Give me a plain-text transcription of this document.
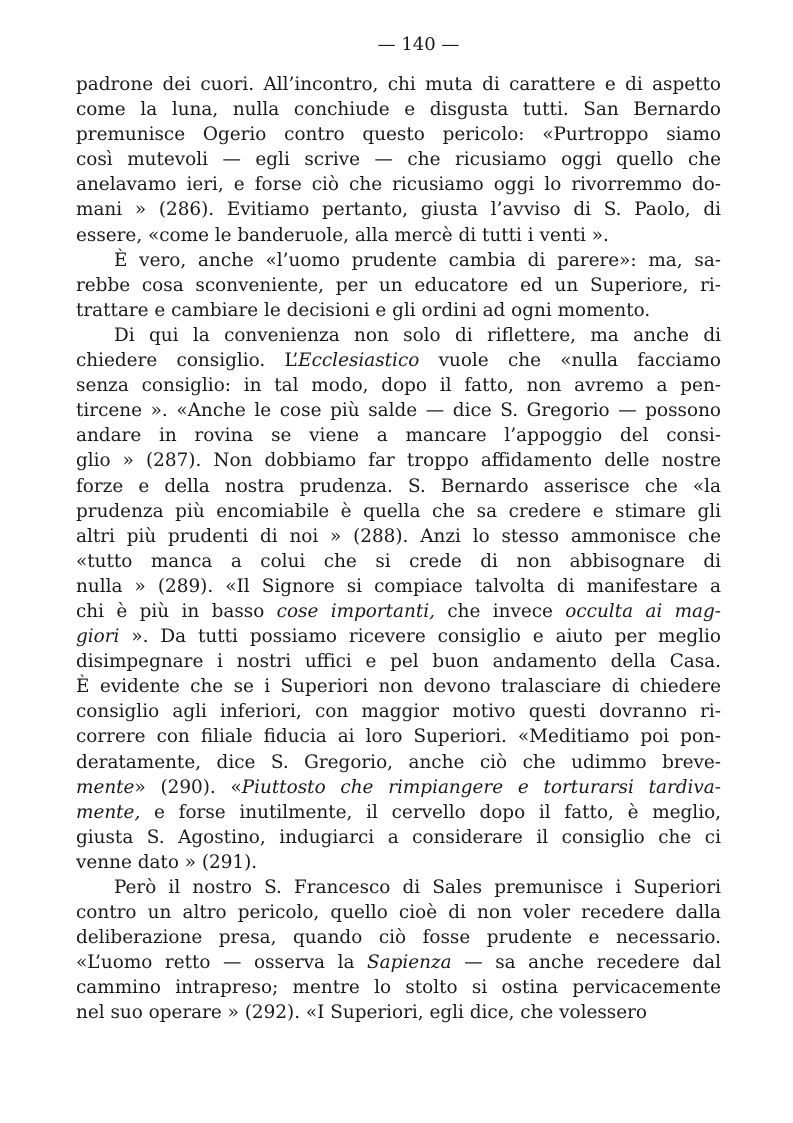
— 140 —
padrone dei cuori. All’incontro, chi muta di carattere e di aspetto
come la luna, nulla conchiude e disgusta tutti. San Bernardo
premunisce Ogerio contro questo pericolo: «Purtroppo siamo
così mutevoli — egli scrive — che ricusiamo oggi quello che
anelavamo ieri, e forse ciò che ricusiamo oggi lo rivorremmo do-
mani » (286). Evitiamo pertanto, giusta l’avviso di S. Paolo, di
essere, «come le banderuole, alla mercè di tutti i venti ».
È vero, anche «l’uomo prudente cambia di parere»: ma, sa-
rebbe cosa sconveniente, per un educatore ed un Superiore, ri-
trattare e cambiare le decisioni e gli ordini ad ogni momento.
Di qui la convenienza non solo di riflettere, ma anche di
chiedere consiglio. L’Ecclesiastico vuole che «nulla facciamo
senza consiglio: in tal modo, dopo il fatto, non avremo a pen-
tircene ». «Anche le cose più salde — dice S. Gregorio — possono
andare in rovina se viene a mancare l’appoggio del consi-
glio » (287). Non dobbiamo far troppo affidamento delle nostre
forze e della nostra prudenza. S. Bernardo asserisce che «la
prudenza più encomiabile è quella che sa credere e stimare gli
altri più prudenti di noi » (288). Anzi lo stesso ammonisce che
«tutto manca a colui che si crede di non abbisognare di
nulla » (289). «Il Signore si compiace talvolta di manifestare a
chi è più in basso cose importanti, che invece occulta ai mag-
giori ». Da tutti possiamo ricevere consiglio e aiuto per meglio
disimpegnare i nostri uffici e pel buon andamento della Casa.
È evidente che se i Superiori non devono tralasciare di chiedere
consiglio agli inferiori, con maggior motivo questi dovranno ri-
correre con filiale fiducia ai loro Superiori. «Meditiamo poi pon-
deratamente, dice S. Gregorio, anche ciò che udimmo breve-
mente» (290). «Piuttosto che rimpiangere e torturarsi tardiva-
mente, e forse inutilmente, il cervello dopo il fatto, è meglio,
giusta S. Agostino, indugiarci a considerare il consiglio che ci
venne dato » (291).
Però il nostro S. Francesco di Sales premunisce i Superiori
contro un altro pericolo, quello cioè di non voler recedere dalla
deliberazione presa, quando ciò fosse prudente e necessario.
«L’uomo retto — osserva la Sapienza — sa anche recedere dal
cammino intrapreso; mentre lo stolto si ostina pervicacemente
nel suo operare » (292). «I Superiori, egli dice, che volessero
